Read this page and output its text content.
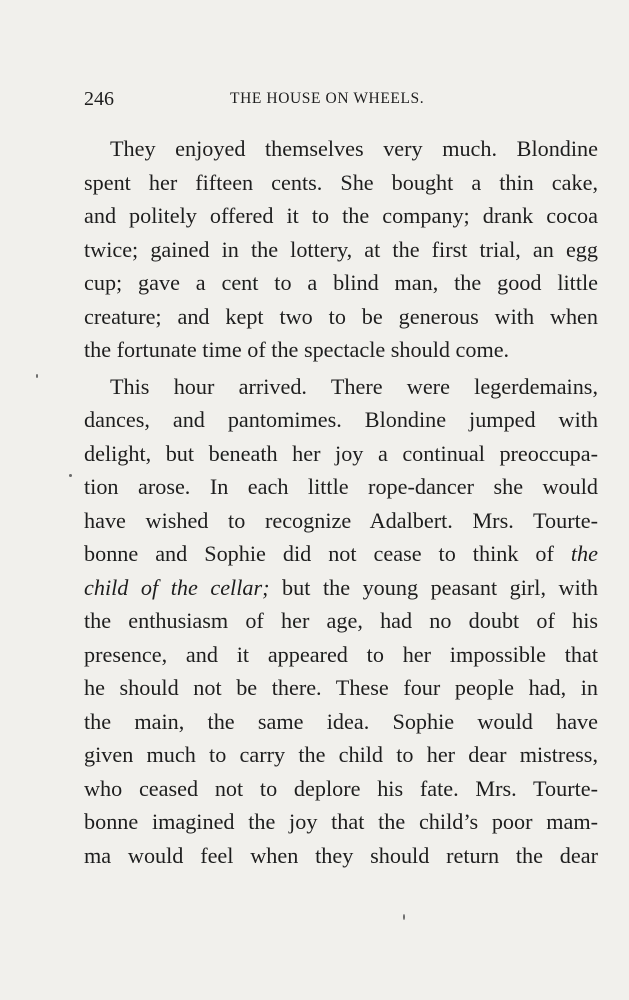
246	THE HOUSE ON WHEELS.
They enjoyed themselves very much. Blondine
spent her fifteen cents. She bought a thin cake,
and politely offered it to the company; drank cocoa
twice; gained in the lottery, at the first trial, an egg
cup; gave a cent to a blind man, the good little
creature; and kept two to be generous with when
the fortunate time of the spectacle should come.
This hour arrived. There were legerdemains,
dances, and pantomimes. Blondine jumped with
delight, but beneath her joy a continual preoccupa-
tion arose. In each little rope-dancer she would
have wished to recognize Adalbert. Mrs. Tourte-
bonne and Sophie did not cease to think of the
child of the cellar; but the young peasant girl, with
the enthusiasm of her age, had no doubt of his
presence, and it appeared to her impossible that
he should not be there. These four people had, in
the main, the same idea. Sophie would have
given much to carry the child to her dear mistress,
who ceased not to deplore his fate. Mrs. Tourte-
bonne imagined the joy that the child’s poor mam-
ma would feel when they should return the dear
